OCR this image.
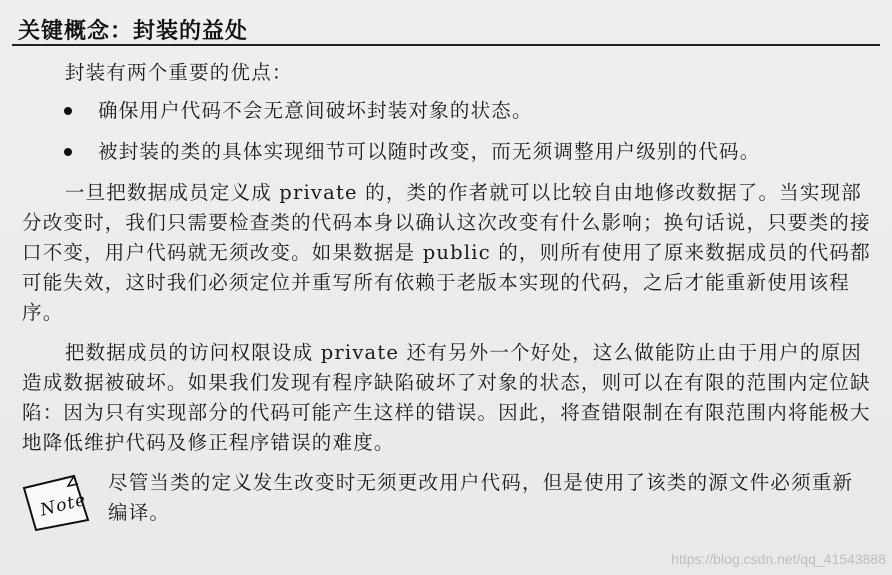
关键概念：封装的益处

封装有两个重要的优点：

确保用户代码不会无意间破坏封装对象的状态。
被封装的类的具体实现细节可以随时改变，而无须调整用户级别的代码。

一旦把数据成员定义成 private 的，类的作者就可以比较自由地修改数据了。当实现部分改变时，我们只需要检查类的代码本身以确认这次改变有什么影响；换句话说，只要类的接口不变，用户代码就无须改变。如果数据是 public 的，则所有使用了原来数据成员的代码都可能失效，这时我们必须定位并重写所有依赖于老版本实现的代码，之后才能重新使用该程序。

把数据成员的访问权限设成 private 还有另外一个好处，这么做能防止由于用户的原因造成数据被破坏。如果我们发现有程序缺陷破坏了对象的状态，则可以在有限的范围内定位缺陷：因为只有实现部分的代码可能产生这样的错误。因此，将查错限制在有限范围内将能极大地降低维护代码及修正程序错误的难度。

Note

尽管当类的定义发生改变时无须更改用户代码，但是使用了该类的源文件必须重新编译。

https://blog.csdn.net/qq_41543888
